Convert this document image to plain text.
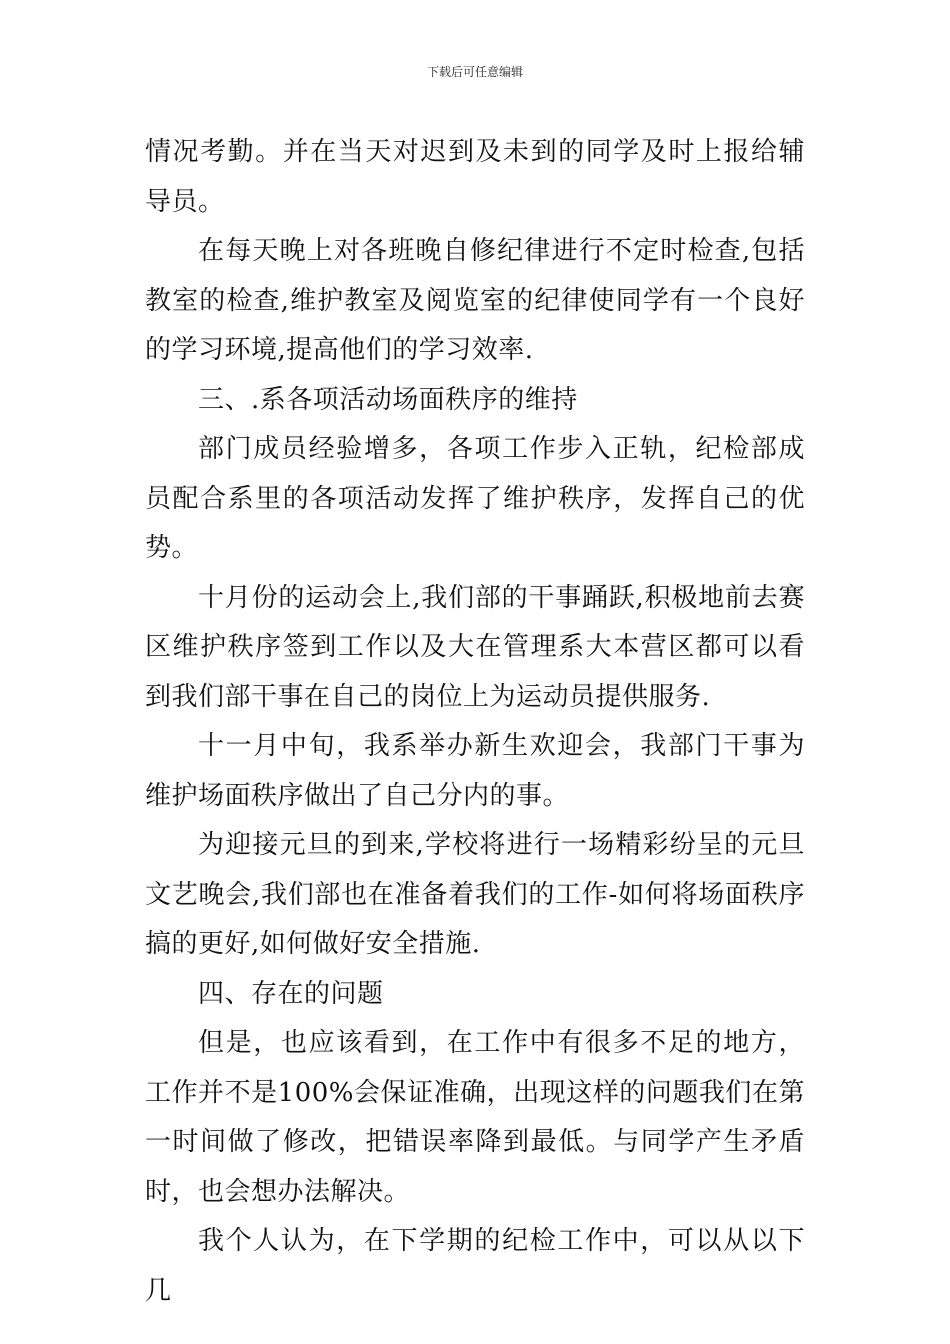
下载后可任意编辑

情况考勤。并在当天对迟到及未到的同学及时上报给辅导员。

在每天晚上对各班晚自修纪律进行不定时检查,包括教室的检查,维护教室及阅览室的纪律使同学有一个良好的学习环境,提高他们的学习效率.

三、.系各项活动场面秩序的维持

部门成员经验增多，各项工作步入正轨，纪检部成员配合系里的各项活动发挥了维护秩序，发挥自己的优势。

十月份的运动会上,我们部的干事踊跃,积极地前去赛区维护秩序签到工作以及大在管理系大本营区都可以看到我们部干事在自己的岗位上为运动员提供服务.

十一月中旬，我系举办新生欢迎会，我部门干事为维护场面秩序做出了自己分内的事。

为迎接元旦的到来,学校将进行一场精彩纷呈的元旦文艺晚会,我们部也在准备着我们的工作-如何将场面秩序搞的更好,如何做好安全措施.

四、存在的问题

但是，也应该看到，在工作中有很多不足的地方，工作并不是100%会保证准确，出现这样的问题我们在第一时间做了修改，把错误率降到最低。与同学产生矛盾时，也会想办法解决。

我个人认为，在下学期的纪检工作中，可以从以下几
